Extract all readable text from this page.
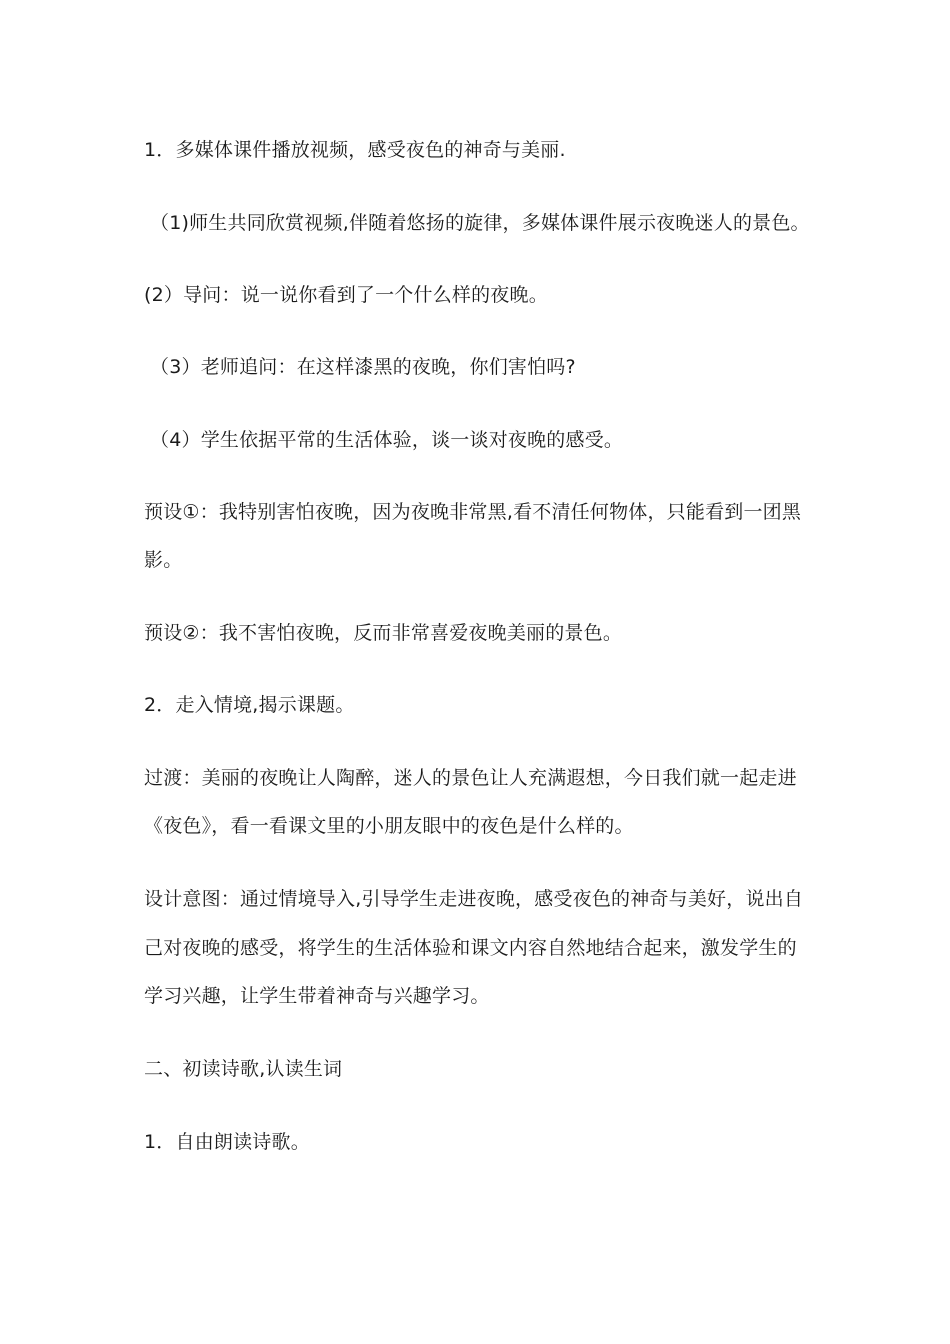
1．多媒体课件播放视频，感受夜色的神奇与美丽.
（1)师生共同欣赏视频,伴随着悠扬的旋律，多媒体课件展示夜晚迷人的景色。
(2）导问：说一说你看到了一个什么样的夜晚。
（3）老师追问：在这样漆黑的夜晚，你们害怕吗?
（4）学生依据平常的生活体验，谈一谈对夜晚的感受。
预设①：我特别害怕夜晚，因为夜晚非常黑,看不清任何物体，只能看到一团黑
影。
预设②：我不害怕夜晚，反而非常喜爱夜晚美丽的景色。
2．走入情境,揭示课题。
过渡：美丽的夜晚让人陶醉，迷人的景色让人充满遐想，今日我们就一起走进
《夜色》，看一看课文里的小朋友眼中的夜色是什么样的。
设计意图：通过情境导入,引导学生走进夜晚，感受夜色的神奇与美好，说出自
己对夜晚的感受，将学生的生活体验和课文内容自然地结合起来，激发学生的
学习兴趣，让学生带着神奇与兴趣学习。
二、初读诗歌,认读生词
1．自由朗读诗歌。
